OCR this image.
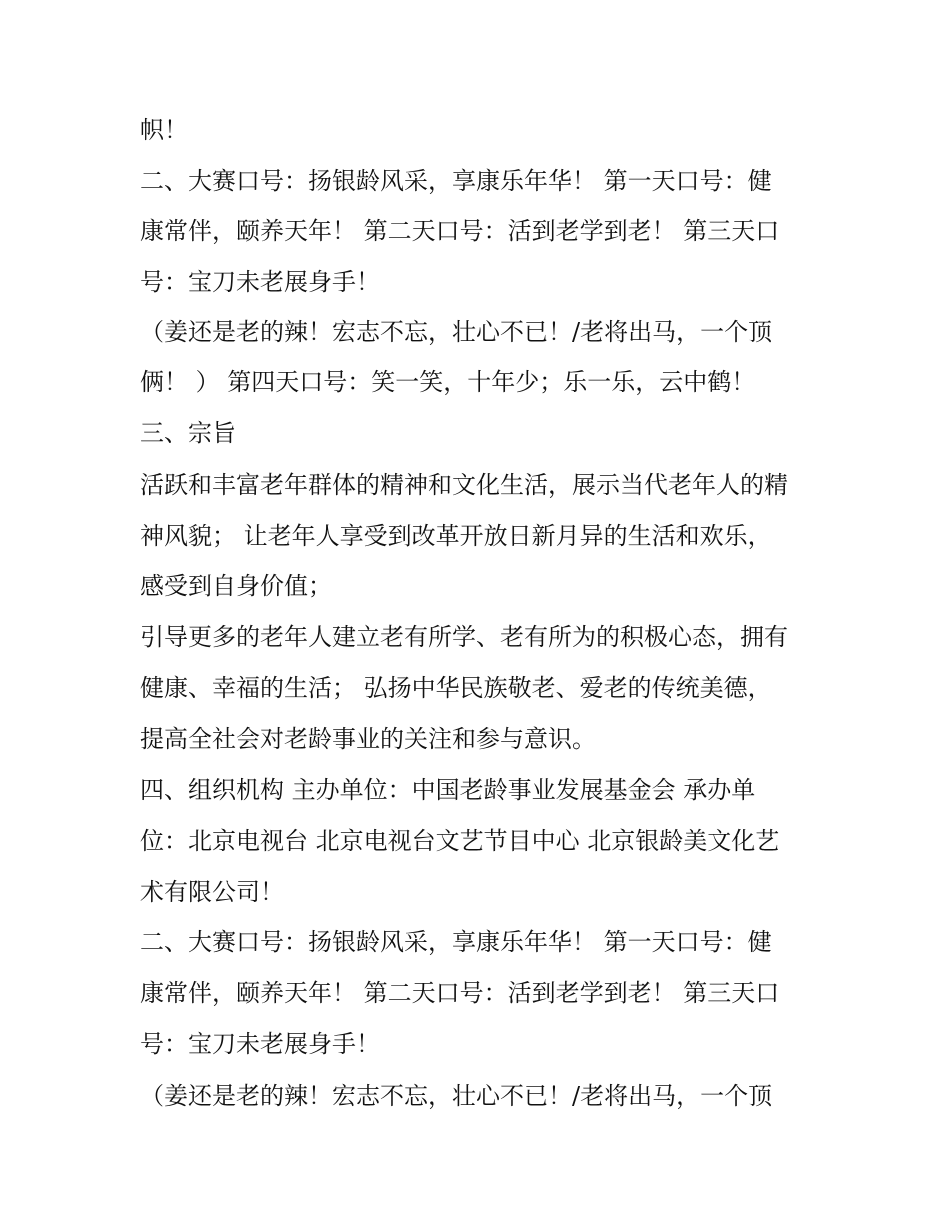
帜！
二、大赛口号：扬银龄风采，享康乐年华！ 第一天口号：健
康常伴，颐养天年！ 第二天口号：活到老学到老！ 第三天口
号：宝刀未老展身手！
（姜还是老的辣！宏志不忘，壮心不已！/老将出马，一个顶
俩！ ） 第四天口号：笑一笑，十年少；乐一乐，云中鹤！
三、宗旨
活跃和丰富老年群体的精神和文化生活，展示当代老年人的精
神风貌； 让老年人享受到改革开放日新月异的生活和欢乐，
感受到自身价值；
引导更多的老年人建立老有所学、老有所为的积极心态，拥有
健康、幸福的生活； 弘扬中华民族敬老、爱老的传统美德，
提高全社会对老龄事业的关注和参与意识。
四、组织机构 主办单位：中国老龄事业发展基金会 承办单
位：北京电视台 北京电视台文艺节目中心 北京银龄美文化艺
术有限公司！
二、大赛口号：扬银龄风采，享康乐年华！ 第一天口号：健
康常伴，颐养天年！ 第二天口号：活到老学到老！ 第三天口
号：宝刀未老展身手！
（姜还是老的辣！宏志不忘，壮心不已！/老将出马，一个顶
